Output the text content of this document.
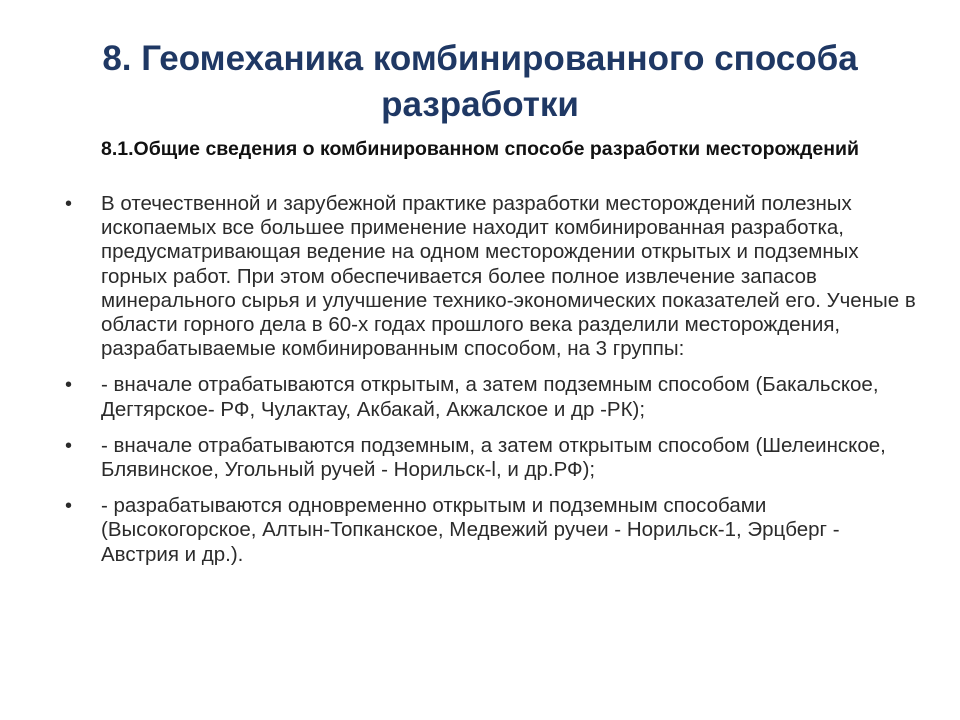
8. Геомеханика комбинированного способа разработки
8.1.Общие сведения о комбинированном способе разработки месторождений
• В отечественной и зарубежной практике разработки месторождений полезных ископаемых все большее применение находит комбинированная разработка, предусматривающая ведение на одном месторождении открытых и подземных горных работ. При этом обеспечивается более полное извлечение запасов минерального сырья и улучшение технико-экономических показателей его. Ученые в области горного дела в 60-х годах прошлого века разделили месторождения, разрабатываемые комбинированным способом, на 3 группы:
• - вначале отрабатываются открытым, а затем подземным способом (Бакальское, Дегтярское- РФ, Чулактау, Акбакай, Акжалское и др -РК);
• - вначале отрабатываются подземным, а затем открытым способом (Шелеинское, Блявинское, Угольный ручей - Норильск-l, и др.РФ);
• - разрабатываются одновременно открытым и подземным способами (Высокогорское, Алтын-Топканское, Медвежий ручеи - Норильск-1, Эрцберг - Австрия и др.).
